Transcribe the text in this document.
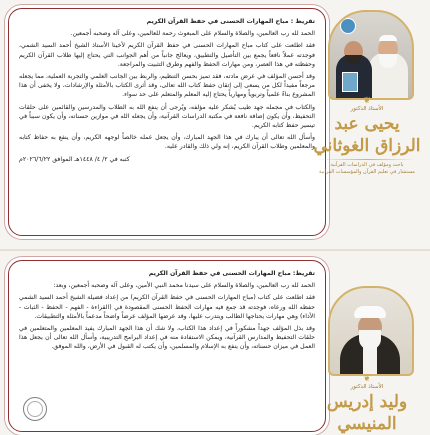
تقريظ : مباح المهارات الحسنى في حفظ القرآن الكريم

الحمد لله رب العالمين، والصلاة والسلام على المبعوث رحمة للعالمين، وعلى آله وصحبه أجمعين.

فقد اطلعت على كتاب مباح المهارات الحسنى في حفظ القرآن الكريم لأخينا الأستاذ الشيخ أحمد السيد الشمي، فوجدته عملاً نافعاً يجمع بين التأصيل والتطبيق، ويعالج جانباً من أهم الجوانب التي يحتاج إليها طلاب القرآن الكريم وحفظته في هذا العصر، ومن مهارات الحفظ والفهم وطرق التثبيت والمراجعة.

وقد أحسن المؤلف في عرض مادته، فقد تميز بحسن التنظيم، والربط بين الجانب العلمي والتجربة العملية، مما يجعله مرجعاً مفيداً لكل من يسعى إلى إتقان حفظ كتاب الله تعالى، وقد أثرى الكتاب بالأمثلة والإرشادات، ولا يخفى أن هذا المشروع بناءً علمياً وتربوياً ومهارياً يحتاج إليه المعلم والمتعلم على حد سواء.

والكتاب في مجمله جهد طيب يُشكر عليه مؤلفه، ويُرجى أن ينفع الله به الطلاب والمدرسين والقائمين على حلقات التحفيظ، وأن يكون إضافة نافعة في مكتبة الدراسات القرآنية، وأن يجعله الله في موازين حسناته، وأن يكون سبباً في تيسير حفظ كتابه الكريم.

وأسأل الله تعالى أن يبارك في هذا الجهد المبارك، وأن يجعل عمله خالصاً لوجهه الكريم، وأن ينفع به حفاظ كتابه والمعلمين وطلاب القرآن الكريم، إنه ولي ذلك والقادر عليه.

كتبه في ٢/ ٤/ ١٤٤٨هـ الموافق ٢٠٢٦/٦/٢٢م

❦
الأستاذ الدكتور
يحيى عبد الرزاق الغوثاني
باحث ومؤلف في الدراسات القرآنية
مستشار في تعليم القرآن والمؤسسات القرآنية

تقريظ: مباح المهارات الحسنى في حفظ القرآن الكريم

الحمد لله رب العالمين، والصلاة والسلام على سيدنا محمد النبي الأمين، وعلى آله وصحبه أجمعين، وبعد:

فقد اطلعت على كتاب (مباح المهارات الحسنى في حفظ القرآن الكريم) من إعداد فضيلة الشيخ أحمد السيد الشمي حفظه الله ورعاه، فوجدته قد جمع فيه مهارات الحفظ الحسنى المقصودة في (القراءة - الفهم - الحفظ - الثبات - الأداء) وهي مهارات يحتاجها الطالب ويتدرب عليها، وقد عرضها المؤلف عرضاً واضحاً مدعماً بالأمثلة والتطبيقات.

وقد بذل المؤلف جهداً مشكوراً في إعداد هذا الكتاب، ولا شك أن هذا الجهد المبارك يفيد المعلمين والمتعلمين في حلقات التحفيظ والمدارس القرآنية، ويمكن الاستفادة منه في إعداد البرامج التدريبية، وأسأل الله تعالى أن يجعل هذا العمل في ميزان حسناته، وأن ينفع به الإسلام والمسلمين، وأن يكتب له القبول في الأرض، والله الموفق.

❦
الأستاذ الدكتور
وليد إدريس المنيسي
